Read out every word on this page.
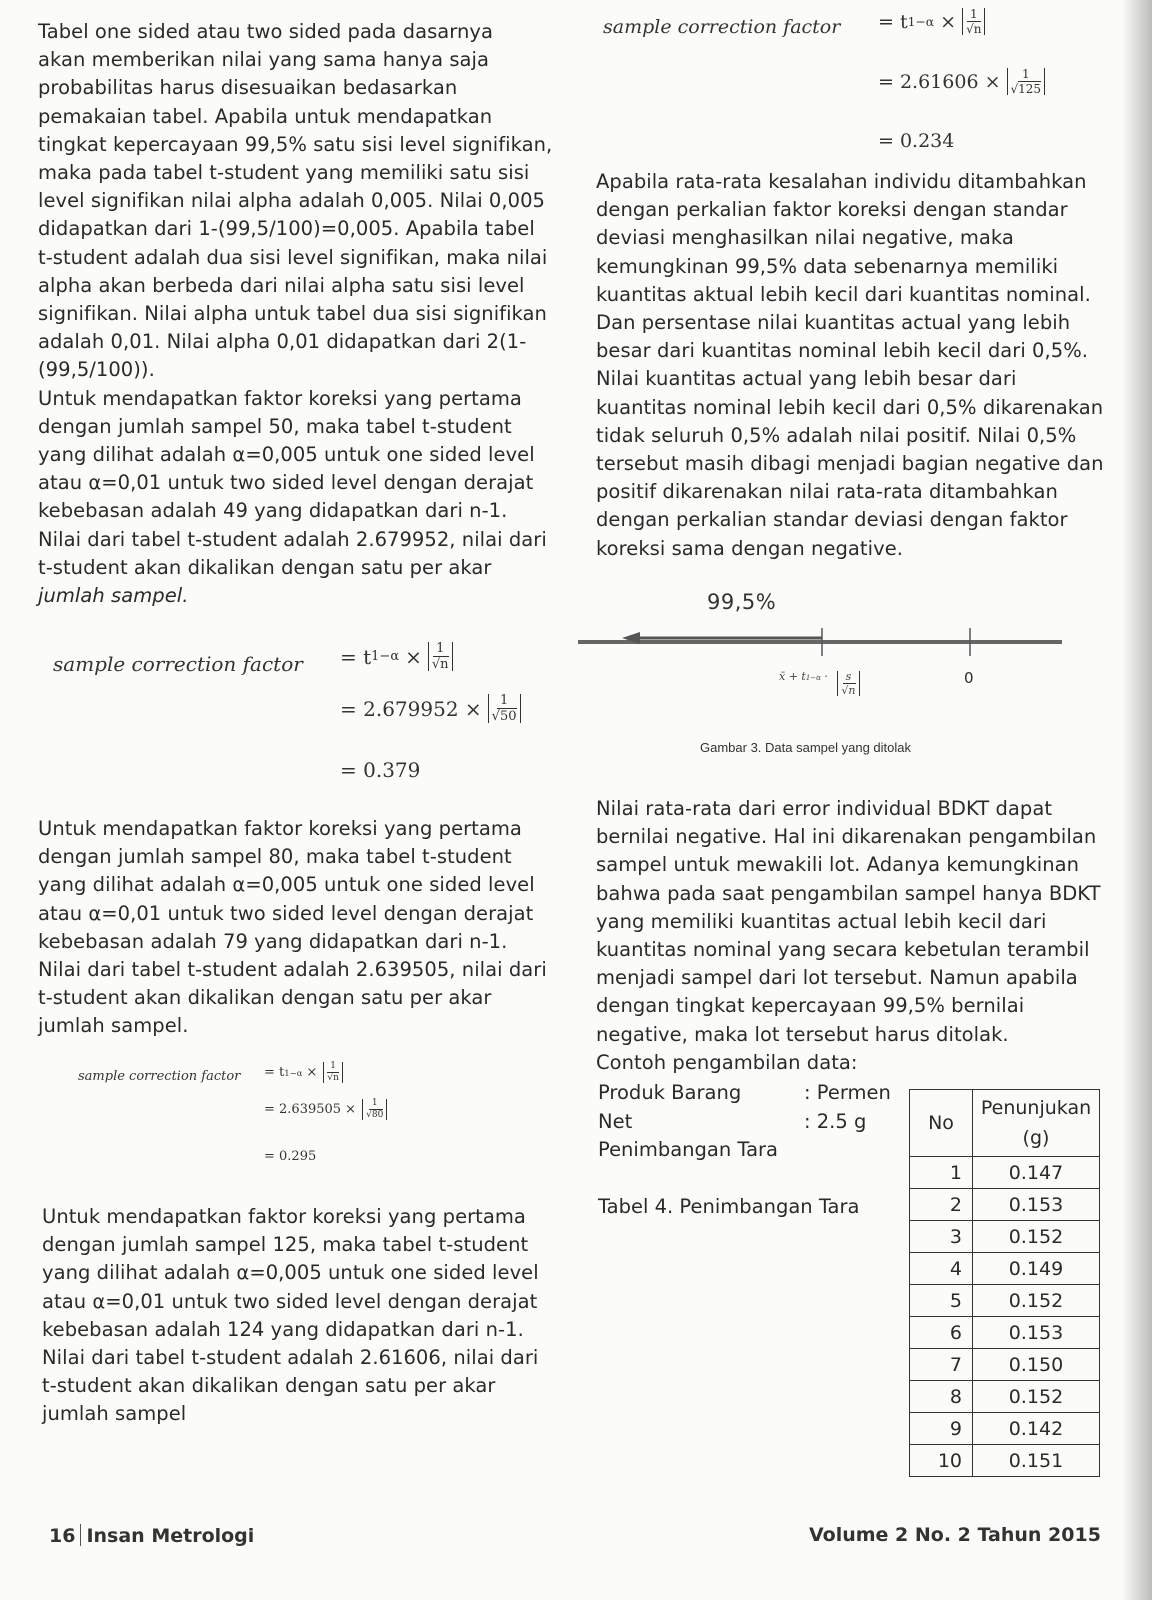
Tabel one sided atau two sided pada dasarnya
akan memberikan nilai yang sama hanya saja
probabilitas harus disesuaikan bedasarkan
pemakaian tabel. Apabila untuk mendapatkan
tingkat kepercayaan 99,5% satu sisi level signifikan,
maka pada tabel t-student yang memiliki satu sisi
level signifikan nilai alpha adalah 0,005. Nilai 0,005
didapatkan dari 1-(99,5/100)=0,005. Apabila tabel
t-student adalah dua sisi level signifikan, maka nilai
alpha akan berbeda dari nilai alpha satu sisi level
signifikan. Nilai alpha untuk tabel dua sisi signifikan
adalah 0,01. Nilai alpha 0,01 didapatkan dari 2(1-
(99,5/100)).
Untuk mendapatkan faktor koreksi yang pertama
dengan jumlah sampel 50, maka tabel t-student
yang dilihat adalah α=0,005 untuk one sided level
atau α=0,01 untuk two sided level dengan derajat
kebebasan adalah 49 yang didapatkan dari n-1.
Nilai dari tabel t-student adalah 2.679952, nilai dari
t-student akan dikalikan dengan satu per akar
jumlah sampel.

sample correction factor = t $1-\alpha \times \frac{1}{√n}$
= $2.679952 \times \frac{1}{√50}$
= 0.379

Untuk mendapatkan faktor koreksi yang pertama
dengan jumlah sampel 80, maka tabel t-student
yang dilihat adalah α=0,005 untuk one sided level
atau α=0,01 untuk two sided level dengan derajat
kebebasan adalah 79 yang didapatkan dari n-1.
Nilai dari tabel t-student adalah 2.639505, nilai dari
t-student akan dikalikan dengan satu per akar
jumlah sampel.

sample correction factor = t $1-\alpha \times \frac{1}{√n}$
= $2.639505 \times \frac{1}{√80}$
= 0.295

Untuk mendapatkan faktor koreksi yang pertama
dengan jumlah sampel 125, maka tabel t-student
yang dilihat adalah α=0,005 untuk one sided level
atau α=0,01 untuk two sided level dengan derajat
kebebasan adalah 124 yang didapatkan dari n-1.
Nilai dari tabel t-student adalah 2.61606, nilai dari
t-student akan dikalikan dengan satu per akar
jumlah sampel

sample correction factor = t $1-\alpha \times \frac{1}{√n}$
= $2.61606 \times \frac{1}{√125}$
= 0.234

Apabila rata-rata kesalahan individu ditambahkan
dengan perkalian faktor koreksi dengan standar
deviasi menghasilkan nilai negative, maka
kemungkinan 99,5% data sebenarnya memiliki
kuantitas aktual lebih kecil dari kuantitas nominal.
Dan persentase nilai kuantitas actual yang lebih
besar dari kuantitas nominal lebih kecil dari 0,5%.
Nilai kuantitas actual yang lebih besar dari
kuantitas nominal lebih kecil dari 0,5% dikarenakan
tidak seluruh 0,5% adalah nilai positif. Nilai 0,5%
tersebut masih dibagi menjadi bagian negative dan
positif dikarenakan nilai rata-rata ditambahkan
dengan perkalian standar deviasi dengan faktor
koreksi sama dengan negative.

99,5%
x̄ + $t1-\alpha \cdot \frac{s}{√n}$	0
Gambar 3. Data sampel yang ditolak

Nilai rata-rata dari error individual BDKT dapat
bernilai negative. Hal ini dikarenakan pengambilan
sampel untuk mewakili lot. Adanya kemungkinan
bahwa pada saat pengambilan sampel hanya BDKT
yang memiliki kuantitas actual lebih kecil dari
kuantitas nominal yang secara kebetulan terambil
menjadi sampel dari lot tersebut. Namun apabila
dengan tingkat kepercayaan 99,5% bernilai
negative, maka lot tersebut harus ditolak.
Contoh pengambilan data:

Produk Barang	: Permen
Net	: 2.5 g
Penimbangan Tara
Tabel 4. Penimbangan Tara
No	Penunjukan
(g)
1	0.147
2	0.153
3	0.152
4	0.149
5	0.152
6	0.153
7	0.150
8	0.152
9	0.142
10	0.151
16 Insan Metrologi	Volume 2 No. 2 Tahun 2015
